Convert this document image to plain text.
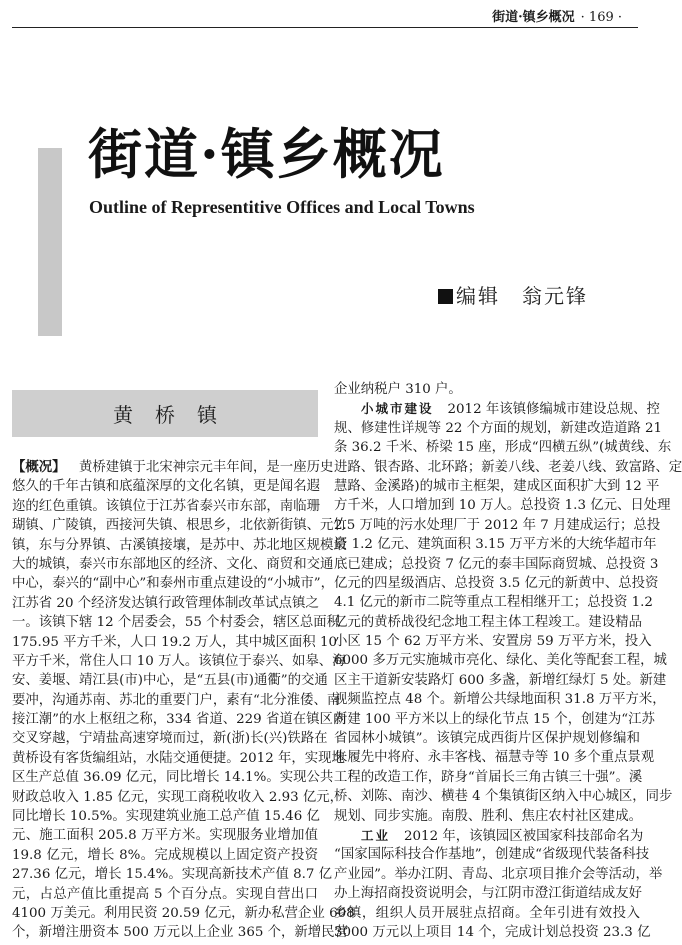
街道·镇乡概况 · 169 ·
街道·镇乡概况
Outline of Representitive Offices and Local Towns
编辑　翁元锋
黄桥镇
【概况】  黄桥建镇于北宋神宗元丰年间，是一座历史
悠久的千年古镇和底蕴深厚的文化名镇，更是闻名遐
迩的红色重镇。该镇位于江苏省泰兴市东部，南临珊
瑚镇、广陵镇，西接河失镇、根思乡，北依新街镇、元竹
镇，东与分界镇、古溪镇接壤，是苏中、苏北地区规模最
大的城镇，泰兴市东部地区的经济、文化、商贸和交通
中心，泰兴的“副中心”和泰州市重点建设的“小城市”，
江苏省 20 个经济发达镇行政管理体制改革试点镇之
一。该镇下辖 12 个居委会，55 个村委会，辖区总面积
175.95 平方千米，人口 19.2 万人，其中城区面积 10
平方千米，常住人口 10 万人。该镇位于泰兴、如皋、海
安、姜堰、靖江县(市)中心，是“五县(市)通衢”的交通
要冲，沟通苏南、苏北的重要门户，素有“北分淮倭、南
接江潮”的水上枢纽之称，334 省道、229 省道在镇区内
交叉穿越，宁靖盐高速穿境而过，新(浙)长(兴)铁路在
黄桥设有客货编组站，水陆交通便捷。2012 年，实现地
区生产总值 36.09 亿元，同比增长 14.1%。实现公共
财政总收入 1.85 亿元，实现工商税收收入 2.93 亿元，
同比增长 10.5%。实现建筑业施工总产值 15.46 亿
元、施工面积 205.8 万平方米。实现服务业增加值
19.8 亿元，增长 8%。完成规模以上固定资产投资
27.36 亿元，增长 15.4%。实现高新技术产值 8.7 亿
元，占总产值比重提高 5 个百分点。实现自营出口
4100 万美元。利用民资 20.59 亿元，新办私营企业 608
个，新增注册资本 500 万元以上企业 365 个，新增民营
企业纳税户 310 户。
小城市建设 2012 年该镇修编城市建设总规、控
规、修建性详规等 22 个方面的规划，新建改造道路 21
条 36.2 千米、桥梁 15 座，形成“四横五纵”(城黄线、东
进路、银杏路、北环路；新姜八线、老姜八线、致富路、定
慧路、金溪路)的城市主框架，建成区面积扩大到 12 平
方千米，人口增加到 10 万人。总投资 1.3 亿元、日处理
2.5 万吨的污水处理厂于 2012 年 7 月建成运行；总投
资 1.2 亿元、建筑面积 3.15 万平方米的大统华超市年
底已建成；总投资 7 亿元的泰丰国际商贸城、总投资 3
亿元的四星级酒店、总投资 3.5 亿元的新黄中、总投资
4.1 亿元的新市二院等重点工程相继开工；总投资 1.2
亿元的黄桥战役纪念地工程主体工程竣工。建设精品
小区 15 个 62 万平方米、安置房 59 万平方米，投入
6000 多万元实施城市亮化、绿化、美化等配套工程，城
区主干道新安装路灯 600 多盏，新增红绿灯 5 处。新建
视频监控点 48 个。新增公共绿地面积 31.8 万平方米，
新建 100 平方米以上的绿化节点 15 个，创建为“江苏
省园林小城镇”。该镇完成西街片区保护规划修编和
朱履先中将府、永丰客栈、福慧寺等 10 多个重点景观
工程的改造工作，跻身“首届长三角古镇三十强”。溪
桥、刘陈、南沙、横巷 4 个集镇街区纳入中心城区，同步
规划、同步实施。南殷、胜利、焦庄农村社区建成。
工业 2012 年，该镇园区被国家科技部命名为
“国家国际科技合作基地”，创建成“省级现代装备科技
产业园”。举办江阴、青岛、北京项目推介会等活动，举
办上海招商投资说明会，与江阴市澄江街道结成友好
乡镇，组织人员开展驻点招商。全年引进有效投入
3000 万元以上项目 14 个，完成计划总投资 23.3 亿
